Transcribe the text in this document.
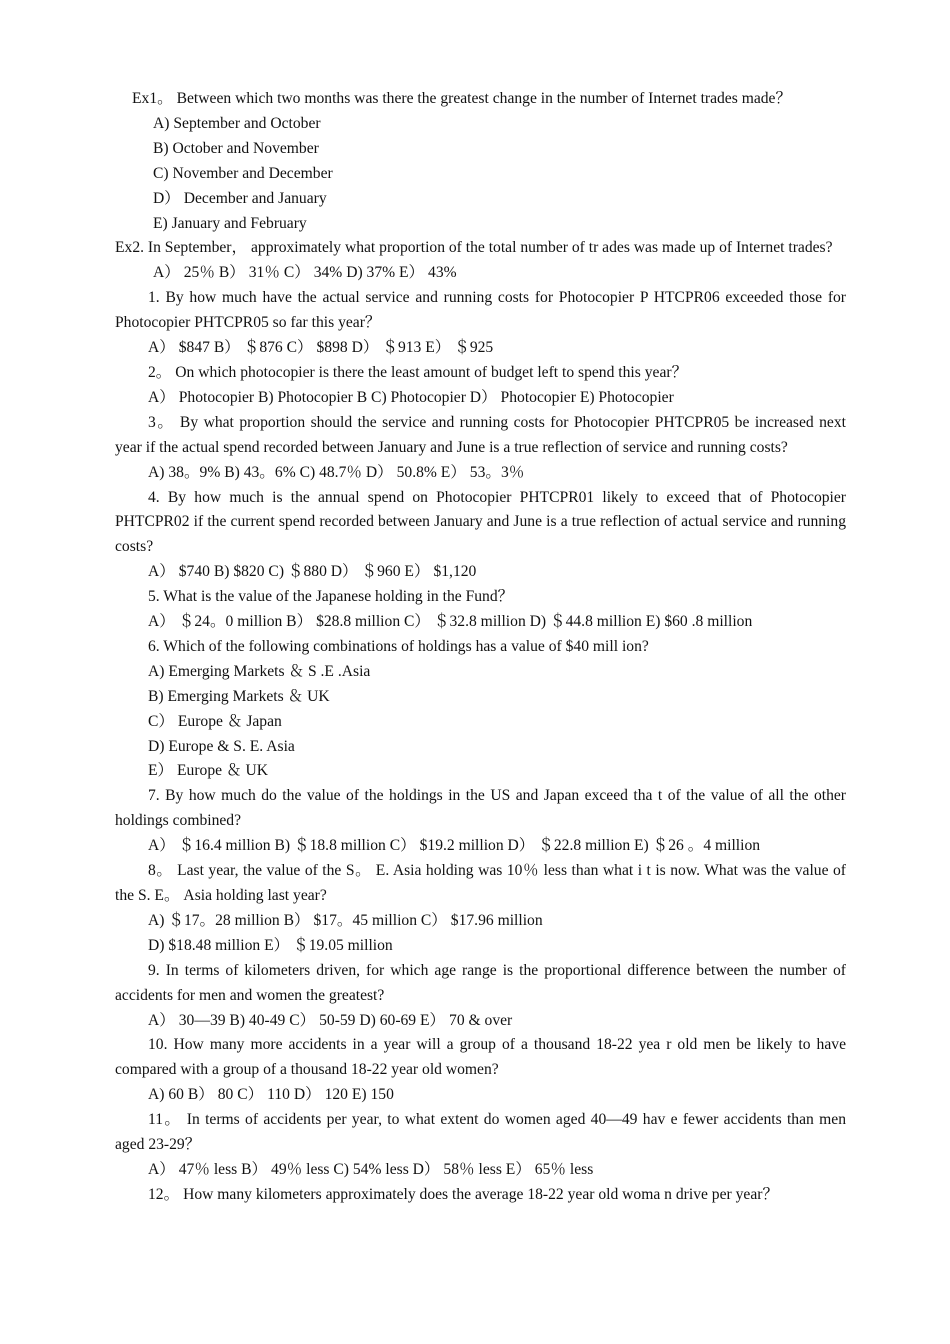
Ex1。 Between which two months was there the greatest change in the number of Internet trades made？
A) September and October
B) October and November
C) November and December
D） December and January
E) January and February
Ex2. In September， approximately what proportion of the total number of tr ades was made up of Internet trades?
A） 25％ B） 31％ C） 34% D) 37% E） 43%
1. By how much have the actual service and running costs for Photocopier P HTCPR06 exceeded those for Photocopier PHTCPR05 so far this year？
A） $847 B） ＄876 C） $898 D） ＄913 E） ＄925
2。 On which photocopier is there the least amount of budget left to spend this year？
A） Photocopier B) Photocopier B C) Photocopier D） Photocopier E) Photocopier
3。 By what proportion should the service and running costs for Photocopier PHTCPR05 be increased next year if the actual spend recorded between January and June is a true reflection of service and running costs?
A) 38。9% B) 43。6% C) 48.7％ D） 50.8% E） 53。3％
4. By how much is the annual spend on Photocopier PHTCPR01 likely to exceed that of Photocopier PHTCPR02 if the current spend recorded between January and June is a true reflection of actual service and running costs?
A） $740 B) $820 C) ＄880 D） ＄960 E） $1,120
5. What is the value of the Japanese holding in the Fund？
A） ＄24。0 million B） $28.8 million C） ＄32.8 million D) ＄44.8 million E) $60 .8 million
6. Which of the following combinations of holdings has a value of $40 mill ion?
A) Emerging Markets ＆ S .E .Asia
B) Emerging Markets ＆ UK
C） Europe ＆ Japan
D) Europe & S. E. Asia
E） Europe ＆ UK
7. By how much do the value of the holdings in the US and Japan exceed tha t of the value of all the other holdings combined?
A） ＄16.4 million B) ＄18.8 million C） $19.2 million D） ＄22.8 million E) ＄26 。4 million
8。 Last year, the value of the S。 E. Asia holding was 10％ less than what i t is now. What was the value of the S. E。 Asia holding last year?
A) ＄17。28 million B） $17。45 million C） $17.96 million
D) $18.48 million E） ＄19.05 million
9. In terms of kilometers driven, for which age range is the proportional difference between the number of accidents for men and women the greatest?
A） 30—39 B) 40-49 C） 50-59 D) 60-69 E） 70 & over
10. How many more accidents in a year will a group of a thousand 18-22 yea r old men be likely to have compared with a group of a thousand 18-22 year old women?
A) 60 B） 80 C） 110 D） 120 E) 150
11。 In terms of accidents per year, to what extent do women aged 40—49 hav e fewer accidents than men aged 23-29？
A） 47％ less B） 49％ less C) 54% less D） 58％ less E） 65％ less
12。 How many kilometers approximately does the average 18-22 year old woma n drive per year？
